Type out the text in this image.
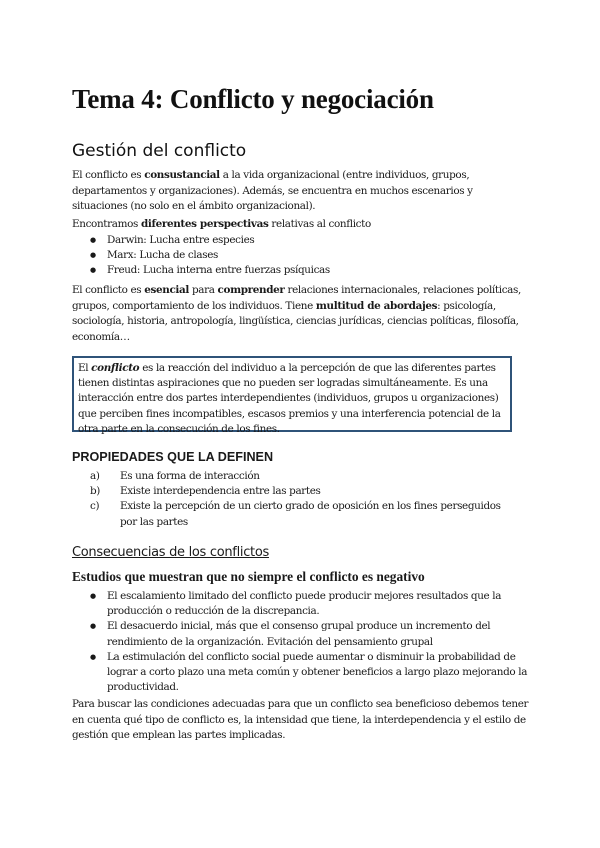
Tema 4: Conflicto y negociación
Gestión del conflicto

El conflicto es consustancial a la vida organizacional (entre individuos, grupos, departamentos y organizaciones). Además, se encuentra en muchos escenarios y situaciones (no solo en el ámbito organizacional).

Encontramos diferentes perspectivas relativas al conflicto

● Darwin: Lucha entre especies
● Marx: Lucha de clases
● Freud: Lucha interna entre fuerzas psíquicas

El conflicto es esencial para comprender relaciones internacionales, relaciones políticas, grupos, comportamiento de los individuos. Tiene multitud de abordajes: psicología, sociología, historia, antropología, lingüística, ciencias jurídicas, ciencias políticas, filosofía, economía…

El conflicto es la reacción del individuo a la percepción de que las diferentes partes tienen distintas aspiraciones que no pueden ser logradas simultáneamente. Es una interacción entre dos partes interdependientes (individuos, grupos u organizaciones) que perciben fines incompatibles, escasos premios y una interferencia potencial de la otra parte en la consecución de los fines.
PROPIEDADES QUE LA DEFINEN
a) Es una forma de interacción
b) Existe interdependencia entre las partes
c) Existe la percepción de un cierto grado de oposición en los fines perseguidos por las partes
Consecuencias de los conflictos
Estudios que muestran que no siempre el conflicto es negativo
● El escalamiento limitado del conflicto puede producir mejores resultados que la producción o reducción de la discrepancia.
● El desacuerdo inicial, más que el consenso grupal produce un incremento del rendimiento de la organización. Evitación del pensamiento grupal
● La estimulación del conflicto social puede aumentar o disminuir la probabilidad de lograr a corto plazo una meta común y obtener beneficios a largo plazo mejorando la productividad.

Para buscar las condiciones adecuadas para que un conflicto sea beneficioso debemos tener en cuenta qué tipo de conflicto es, la intensidad que tiene, la interdependencia y el estilo de gestión que emplean las partes implicadas.
